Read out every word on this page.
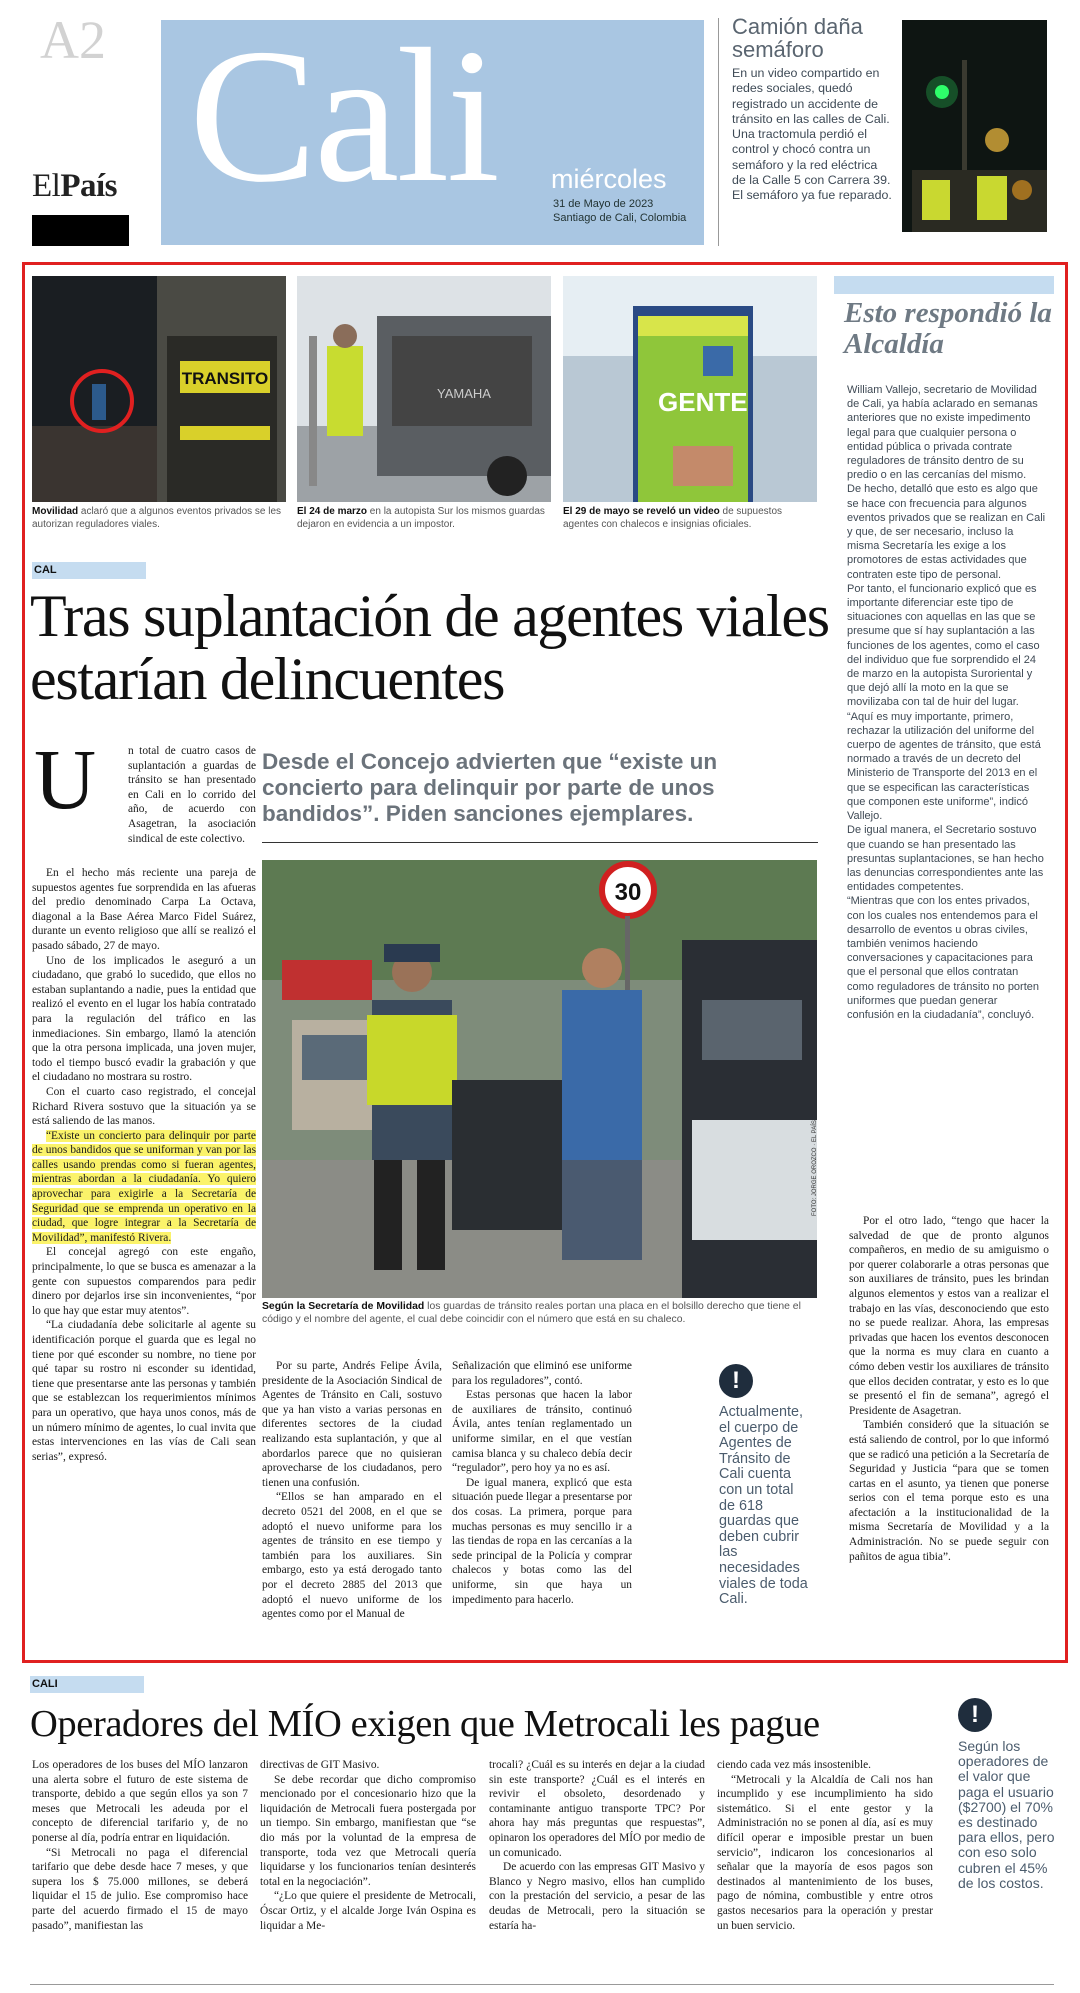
A2
ElPaís Cali miércoles
31 de Mayo de 2023
Santiago de Cali, Colombia
Camión daña semáforo
En un video compartido en redes sociales, quedó registrado un accidente de tránsito en las calles de Cali. Una tractomula perdió el control y chocó contra un semáforo y la red eléctrica de la Calle 5 con Carrera 39. El semáforo ya fue reparado.
TRANSITO
YAMAHA	GENTE
Movilidad aclaró que a algunos eventos privados se les autorizan reguladores viales.
El 24 de marzo en la autopista Sur los mismos guardas dejaron en evidencia a un impostor.
El 29 de mayo se reveló un video de supuestos agentes con chalecos e insignias oficiales.
Esto respondió la Alcaldía
William Vallejo, secretario de Movilidad de Cali, ya había aclarado en semanas anteriores que no existe impedimento legal para que cualquier persona o entidad pública o privada contrate reguladores de tránsito dentro de su predio o en las cercanías del mismo.
De hecho, detalló que esto es algo que se hace con frecuencia para algunos eventos privados que se realizan en Cali y que, de ser necesario, incluso la misma Secretaría les exige a los promotores de estas actividades que contraten este tipo de personal.
Por tanto, el funcionario explicó que es importante diferenciar este tipo de situaciones con aquellas en las que se presume que sí hay suplantación a las funciones de los agentes, como el caso del individuo que fue sorprendido el 24 de marzo en la autopista Suroriental y que dejó allí la moto en la que se movilizaba con tal de huir del lugar.
“Aquí es muy importante, primero, rechazar la utilización del uniforme del cuerpo de agentes de tránsito, que está normado a través de un decreto del Ministerio de Transporte del 2013 en el que se especifican las características que componen este uniforme”, indicó Vallejo.
De igual manera, el Secretario sostuvo que cuando se han presentado las presuntas suplantaciones, se han hecho las denuncias correspondientes ante las entidades competentes.
“Mientras que con los entes privados, con los cuales nos entendemos para el desarrollo de eventos u obras civiles, también venimos haciendo conversaciones y capacitaciones para que el personal que ellos contratan como reguladores de tránsito no porten uniformes que puedan generar confusión en la ciudadanía”, concluyó.
CAL
Tras suplantación de agentes viales estarían delincuentes
U	n total de cuatro casos de suplantación a guardas de tránsito se han presentado en Cali en lo corrido del año, de acuerdo con Asagetran, la asociación sindical de este colectivo.

En el hecho más reciente una pareja de supuestos agentes fue sorprendida en las afueras del predio denominado Carpa La Octava, diagonal a la Base Aérea Marco Fidel Suárez, durante un evento religioso que allí se realizó el pasado sábado, 27 de mayo.

Uno de los implicados le aseguró a un ciudadano, que grabó lo sucedido, que ellos no estaban suplantando a nadie, pues la entidad que realizó el evento en el lugar los había contratado para la regulación del tráfico en las inmediaciones. Sin embargo, llamó la atención que la otra persona implicada, una joven mujer, todo el tiempo buscó evadir la grabación y que el ciudadano no mostrara su rostro.

Con el cuarto caso registrado, el concejal Richard Rivera sostuvo que la situación ya se está saliendo de las manos.

“Existe un concierto para delinquir por parte de unos bandidos que se uniforman y van por las calles usando prendas como si fueran agentes, mientras abordan a la ciudadanía. Yo quiero aprovechar para exigirle a la Secretaría de Seguridad que se emprenda un operativo en la ciudad, que logre integrar a la Secretaría de Movilidad”, manifestó Rivera.

El concejal agregó con este engaño, principalmente, lo que se busca es amenazar a la gente con supuestos comparendos para pedir dinero por dejarlos irse sin inconvenientes, “por lo que hay que estar muy atentos”.

“La ciudadanía debe solicitarle al agente su identificación porque el guarda que es legal no tiene por qué esconder su nombre, no tiene por qué tapar su rostro ni esconder su identidad, tiene que presentarse ante las personas y también que se establezcan los requerimientos mínimos para un operativo, que haya unos conos, más de un número mínimo de agentes, lo cual invita que estas intervenciones en las vías de Cali sean serias”, expresó.

Desde el Concejo advierten que “existe un concierto para delinquir por parte de unos bandidos”. Piden sanciones ejemplares.
30
FOTO: JORGE OROZCO · EL PAÍS
Según la Secretaría de Movilidad los guardas de tránsito reales portan una placa en el bolsillo derecho que tiene el código y el nombre del agente, el cual debe coincidir con el número que está en su chaleco.

Por su parte, Andrés Felipe Ávila, presidente de la Asociación Sindical de Agentes de Tránsito en Cali, sostuvo que ya han visto a varias personas en diferentes sectores de la ciudad realizando esta suplantación, y que al abordarlos parece que no quisieran aprovecharse de los ciudadanos, pero tienen una confusión.

“Ellos se han amparado en el decreto 0521 del 2008, en el que se adoptó el nuevo uniforme para los agentes de tránsito en ese tiempo y también para los auxiliares. Sin embargo, esto ya está derogado tanto por el decreto 2885 del 2013 que adoptó el nuevo uniforme de los agentes como por el Manual de

Señalización que eliminó ese uniforme para los reguladores”, contó.

Estas personas que hacen la labor de auxiliares de tránsito, continuó Ávila, antes tenían reglamentado un uniforme similar, en el que vestían camisa blanca y su chaleco debía decir “regulador”, pero hoy ya no es así.

De igual manera, explicó que esta situación puede llegar a presentarse por dos cosas. La primera, porque para muchas personas es muy sencillo ir a las tiendas de ropa en las cercanías a la sede principal de la Policía y comprar chalecos y botas como las del uniforme, sin que haya un impedimento para hacerlo.

!
Actualmente, el cuerpo de Agentes de Tránsito de Cali cuenta con un total de 618 guardas que deben cubrir las necesidades viales de toda Cali.

Por el otro lado, “tengo que hacer la salvedad de que de pronto algunos compañeros, en medio de su amiguismo o por querer colaborarle a otras personas que son auxiliares de tránsito, pues les brindan algunos elementos y estos van a realizar el trabajo en las vías, desconociendo que esto no se puede realizar. Ahora, las empresas privadas que hacen los eventos desconocen que la norma es muy clara en cuanto a cómo deben vestir los auxiliares de tránsito que ellos deciden contratar, y esto es lo que se presentó el fin de semana”, agregó el Presidente de Asagetran.

También consideró que la situación se está saliendo de control, por lo que informó que se radicó una petición a la Secretaría de Seguridad y Justicia “para que se tomen cartas en el asunto, ya tienen que ponerse serios con el tema porque esto es una afectación a la institucionalidad de la misma Secretaría de Movilidad y a la Administración. No se puede seguir con pañitos de agua tibia”.

CALI
Operadores del MÍO exigen que Metrocali les pague

Los operadores de los buses del MÍO lanzaron una alerta sobre el futuro de este sistema de transporte, debido a que según ellos ya son 7 meses que Metrocali les adeuda por el concepto de diferencial tarifario y, de no ponerse al día, podría entrar en liquidación.

“Si Metrocali no paga el diferencial tarifario que debe desde hace 7 meses, y que supera los $ 75.000 millones, se deberá liquidar el 15 de julio. Ese compromiso hace parte del acuerdo firmado el 15 de mayo pasado”, manifiestan las

directivas de GIT Masivo.

Se debe recordar que dicho compromiso mencionado por el concesionario hizo que la liquidación de Metrocali fuera postergada por un tiempo. Sin embargo, manifiestan que “se dio más por la voluntad de la empresa de transporte, toda vez que Metrocali quería liquidarse y los funcionarios tenían desinterés total en la negociación”.

“¿Lo que quiere el presidente de Metrocali, Óscar Ortiz, y el alcalde Jorge Iván Ospina es liquidar a Me-

trocali? ¿Cuál es su interés en dejar a la ciudad sin este transporte? ¿Cuál es el interés en revivir el obsoleto, desordenado y contaminante antiguo transporte TPC? Por ahora hay más preguntas que respuestas”, opinaron los operadores del MÍO por medio de un comunicado.

De acuerdo con las empresas GIT Masivo y Blanco y Negro masivo, ellos han cumplido con la prestación del servicio, a pesar de las deudas de Metrocali, pero la situación se estaría ha-

ciendo cada vez más insostenible.

“Metrocali y la Alcaldía de Cali nos han incumplido y ese incumplimiento ha sido sistemático. Si el ente gestor y la Administración no se ponen al día, así es muy difícil operar e imposible prestar un buen servicio”, indicaron los concesionarios al señalar que la mayoría de esos pagos son destinados al mantenimiento de los buses, pago de nómina, combustible y entre otros gastos necesarios para la operación y prestar un buen servicio.

!
Según los operadores de el valor que paga el usuario ($2700) el 70% es destinado para ellos, pero con eso solo cubren el 45% de los costos.
